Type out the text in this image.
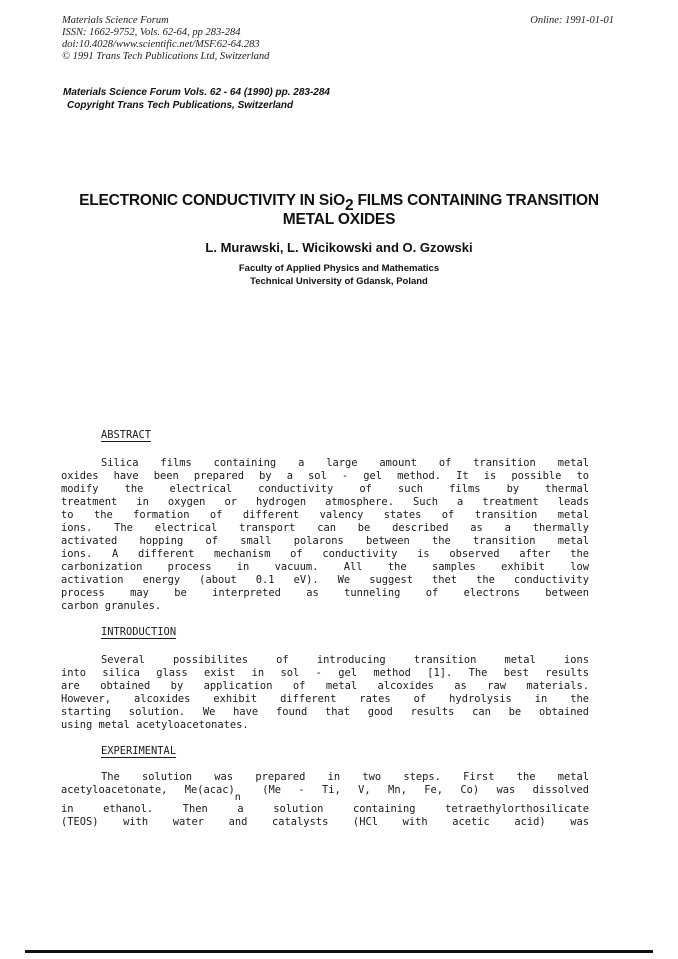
Materials Science Forum
ISSN: 1662-9752, Vols. 62-64, pp 283-284
doi:10.4028/www.scientific.net/MSF.62-64.283
© 1991 Trans Tech Publications Ltd, Switzerland
Online: 1991-01-01
Materials Science Forum Vols. 62 - 64 (1990) pp. 283-284
Copyright Trans Tech Publications, Switzerland
ELECTRONIC CONDUCTIVITY IN SiO$_2$ FILMS CONTAINING TRANSITION
METAL OXIDES
L. Murawski, L. Wicikowski and O. Gzowski
Faculty of Applied Physics and Mathematics
Technical University of Gdansk, Poland
ABSTRACT
Silica films containing a large amount of transition metal
oxides have been prepared by a sol - gel method. It is possible to
modify the electrical conductivity of such films by thermal
treatment in oxygen or hydrogen atmosphere. Such a treatment leads
to the formation of different valency states of transition metal
ions. The electrical transport can be described as a thermally
activated hopping of small polarons between the transition metal
ions. A different mechanism of conductivity is observed after the
carbonization process in vacuum. All the samples exhibit low
activation energy (about 0.1 eV). We suggest thet the conductivity
process may be interpreted as tunneling of electrons between
carbon granules.
INTRODUCTION
Several possibilites of introducing transition metal ions
into silica glass exist in sol - gel method [1]. The best results
are obtained by application of metal alcoxides as raw materials.
However, alcoxides exhibit different rates of hydrolysis in the
starting solution. We have found that good results can be obtained
using metal acetyloacetonates.
EXPERIMENTAL
The solution was prepared in two steps. First the metal
acetyloacetonate, $Me(acac)_n$ (Me - Ti, V, Mn, Fe, Co) was dissolved
in ethanol. Then a solution containing tetraethylorthosilicate
(TEOS) with water and catalysts (HCl with acetic acid) was
